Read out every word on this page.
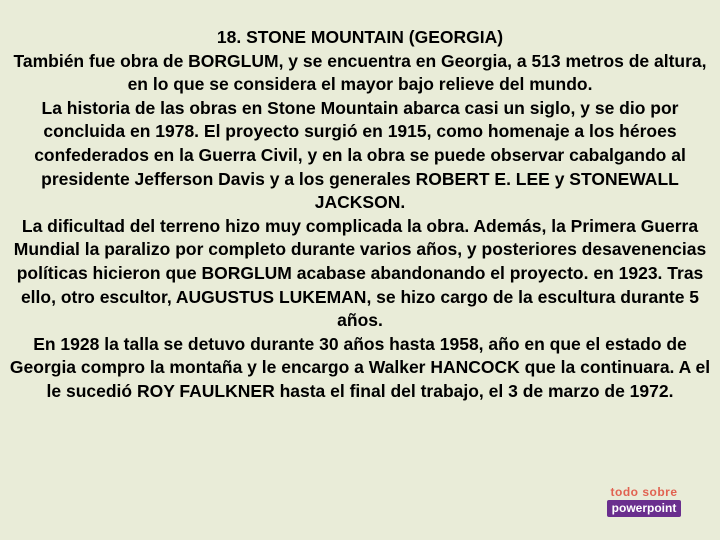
18. STONE MOUNTAIN (GEORGIA)

También fue obra de BORGLUM, y se encuentra en Georgia, a 513 metros de altura, en lo que se considera el mayor bajo relieve del mundo.

La historia de las obras en Stone Mountain abarca casi un siglo, y se dio por concluida en 1978. El proyecto surgió en 1915, como homenaje a los héroes confederados en la Guerra Civil, y en la obra se puede observar cabalgando al presidente Jefferson Davis y a los generales ROBERT E. LEE y STONEWALL JACKSON.

La dificultad del terreno hizo muy complicada la obra. Además, la Primera Guerra Mundial la paralizo por completo durante varios años, y posteriores desavenencias políticas hicieron que BORGLUM acabase abandonando el proyecto. en 1923. Tras ello, otro escultor, AUGUSTUS LUKEMAN, se hizo cargo de la escultura durante 5 años.

En 1928 la talla se detuvo durante 30 años hasta 1958, año en que el estado de Georgia compro la montaña y le encargo a Walker HANCOCK que la continuara. A el le sucedió ROY FAULKNER hasta el final del trabajo, el 3 de marzo de 1972.

todo sobre
powerpoint
